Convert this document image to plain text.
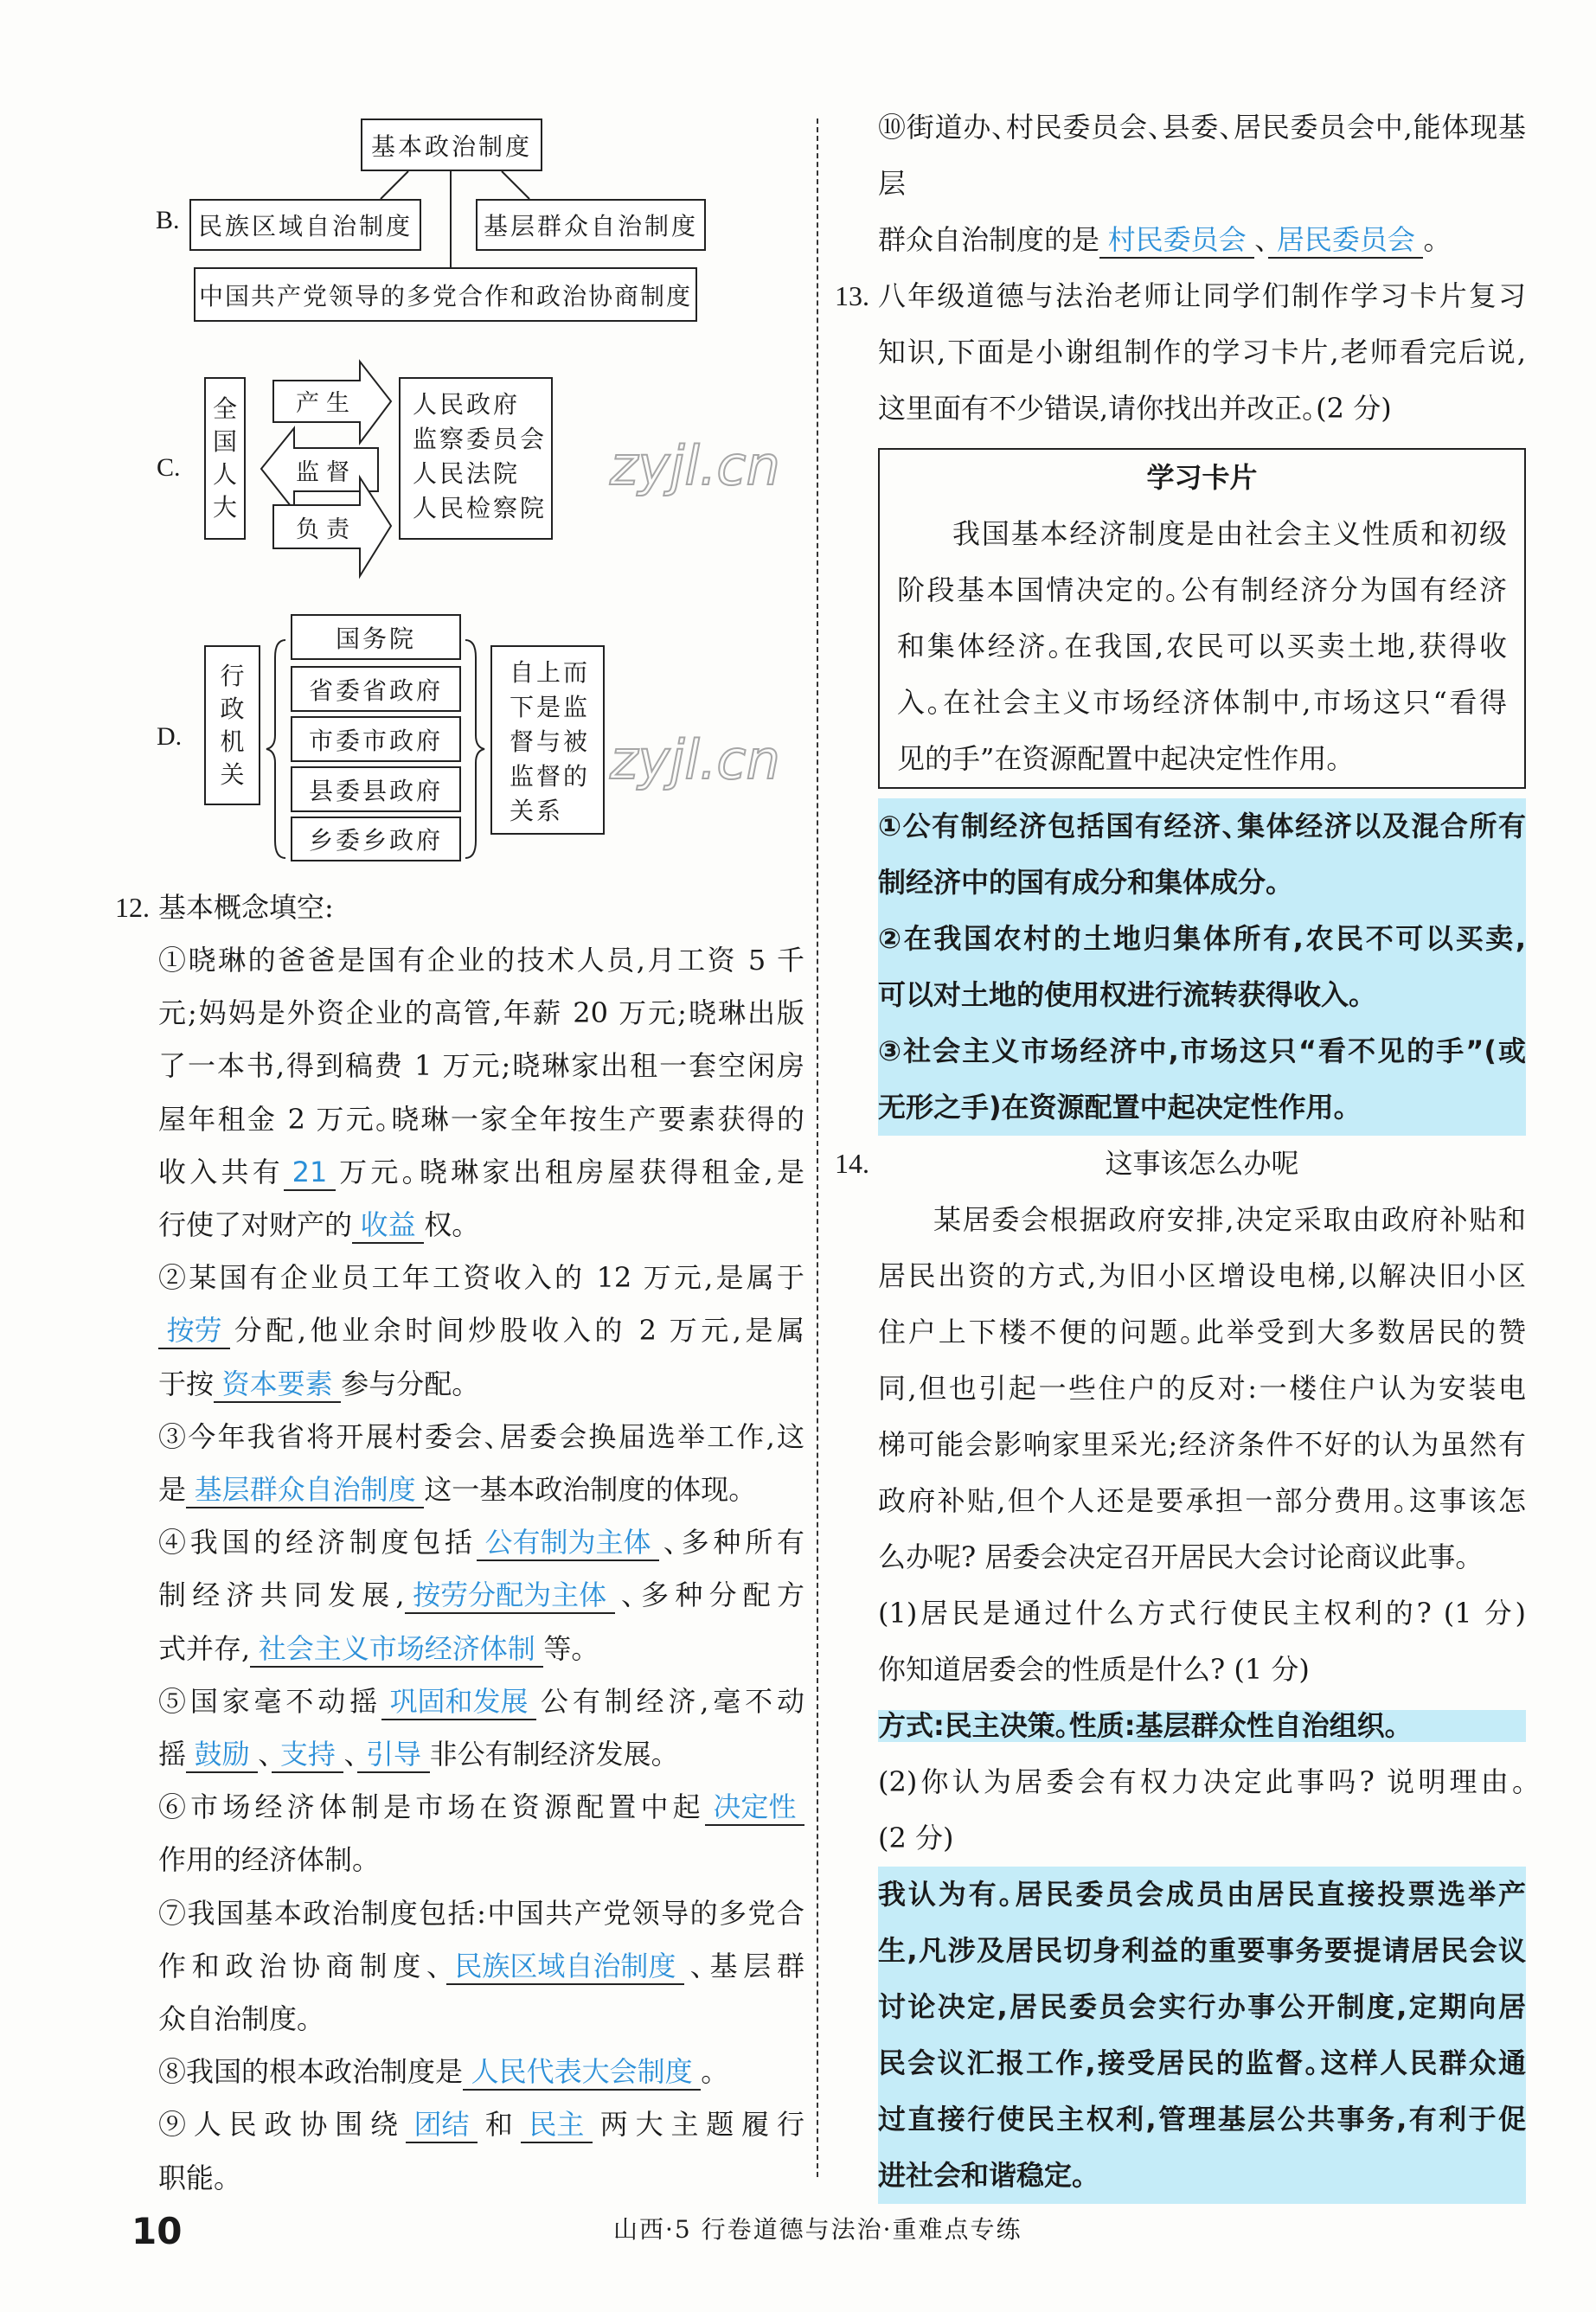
B.
基本政治制度
民族区域自治制度	基层群众自治制度
中国共产党领导的多党合作和政治协商制度
C.
全国人大
产生
监督
负责
人民政府
监察委员会
人民法院
人民检察院
D.
行政机关
国务院
省委省政府
市委市政府
县委县政府
乡委乡政府
自上而
下是监
督与被
监督的
关系
zyjl.cn
zyjl.cn
12. 基本概念填空:
①晓琳的爸爸是国有企业的技术人员,月工资 5 千
元;妈妈是外资企业的高管,年薪 20 万元;晓琳出版
了一本书,得到稿费 1 万元;晓琳家出租一套空闲房
屋年租金 2 万元。晓琳一家全年按生产要素获得的
收入共有 21 万元。晓琳家出租房屋获得租金,是
行使了对财产的 收益 权。
②某国有企业员工年工资收入的 12 万元,是属于
按劳 分配,他业余时间炒股收入的 2 万元,是属
于按 资本要素 参与分配。
③今年我省将开展村委会、居委会换届选举工作,这
是 基层群众自治制度 这一基本政治制度的体现。
④我国的经济制度包括 公有制为主体 、多种所有
制经济共同发展, 按劳分配为主体 、多种分配方
式并存, 社会主义市场经济体制 等。
⑤国家毫不动摇 巩固和发展 公有制经济,毫不动
摇 鼓励 、 支持 、 引导 非公有制经济发展。
⑥市场经济体制是市场在资源配置中起 决定性
作用的经济体制。
⑦我国基本政治制度包括:中国共产党领导的多党合
作和政治协商制度、 民族区域自治制度 、基层群
众自治制度。
⑧我国的根本政治制度是 人民代表大会制度 。
⑨人民政协围绕 团结 和 民主 两大主题履行
职能。
⑩街道办、村民委员会、县委、居民委员会中,能体现基层
群众自治制度的是 村民委员会 、 居民委员会 。
13. 八年级道德与法治老师让同学们制作学习卡片复习
知识,下面是小谢组制作的学习卡片,老师看完后说,
这里面有不少错误,请你找出并改正。(2 分)
学习卡片
我国基本经济制度是由社会主义性质和初级
阶段基本国情决定的。公有制经济分为国有经济
和集体经济。在我国,农民可以买卖土地,获得收
入。在社会主义市场经济体制中,市场这只“看得
见的手”在资源配置中起决定性作用。
①公有制经济包括国有经济、集体经济以及混合所有
制经济中的国有成分和集体成分。
②在我国农村的土地归集体所有,农民不可以买卖,
可以对土地的使用权进行流转获得收入。
③社会主义市场经济中,市场这只“看不见的手”(或
无形之手)在资源配置中起决定性作用。
14.	这事该怎么办呢
某居委会根据政府安排,决定采取由政府补贴和
居民出资的方式,为旧小区增设电梯,以解决旧小区
住户上下楼不便的问题。此举受到大多数居民的赞
同,但也引起一些住户的反对:一楼住户认为安装电
梯可能会影响家里采光;经济条件不好的认为虽然有
政府补贴,但个人还是要承担一部分费用。这事该怎
么办呢? 居委会决定召开居民大会讨论商议此事。
(1)居民是通过什么方式行使民主权利的? (1 分)
你知道居委会的性质是什么? (1 分)
方式:民主决策。性质:基层群众性自治组织。
(2)你认为居委会有权力决定此事吗? 说明理由。
(2 分)
我认为有。居民委员会成员由居民直接投票选举产
生,凡涉及居民切身利益的重要事务要提请居民会议
讨论决定,居民委员会实行办事公开制度,定期向居
民会议汇报工作,接受居民的监督。这样人民群众通
过直接行使民主权利,管理基层公共事务,有利于促
进社会和谐稳定。
10	山西·5 行卷道德与法治·重难点专练
